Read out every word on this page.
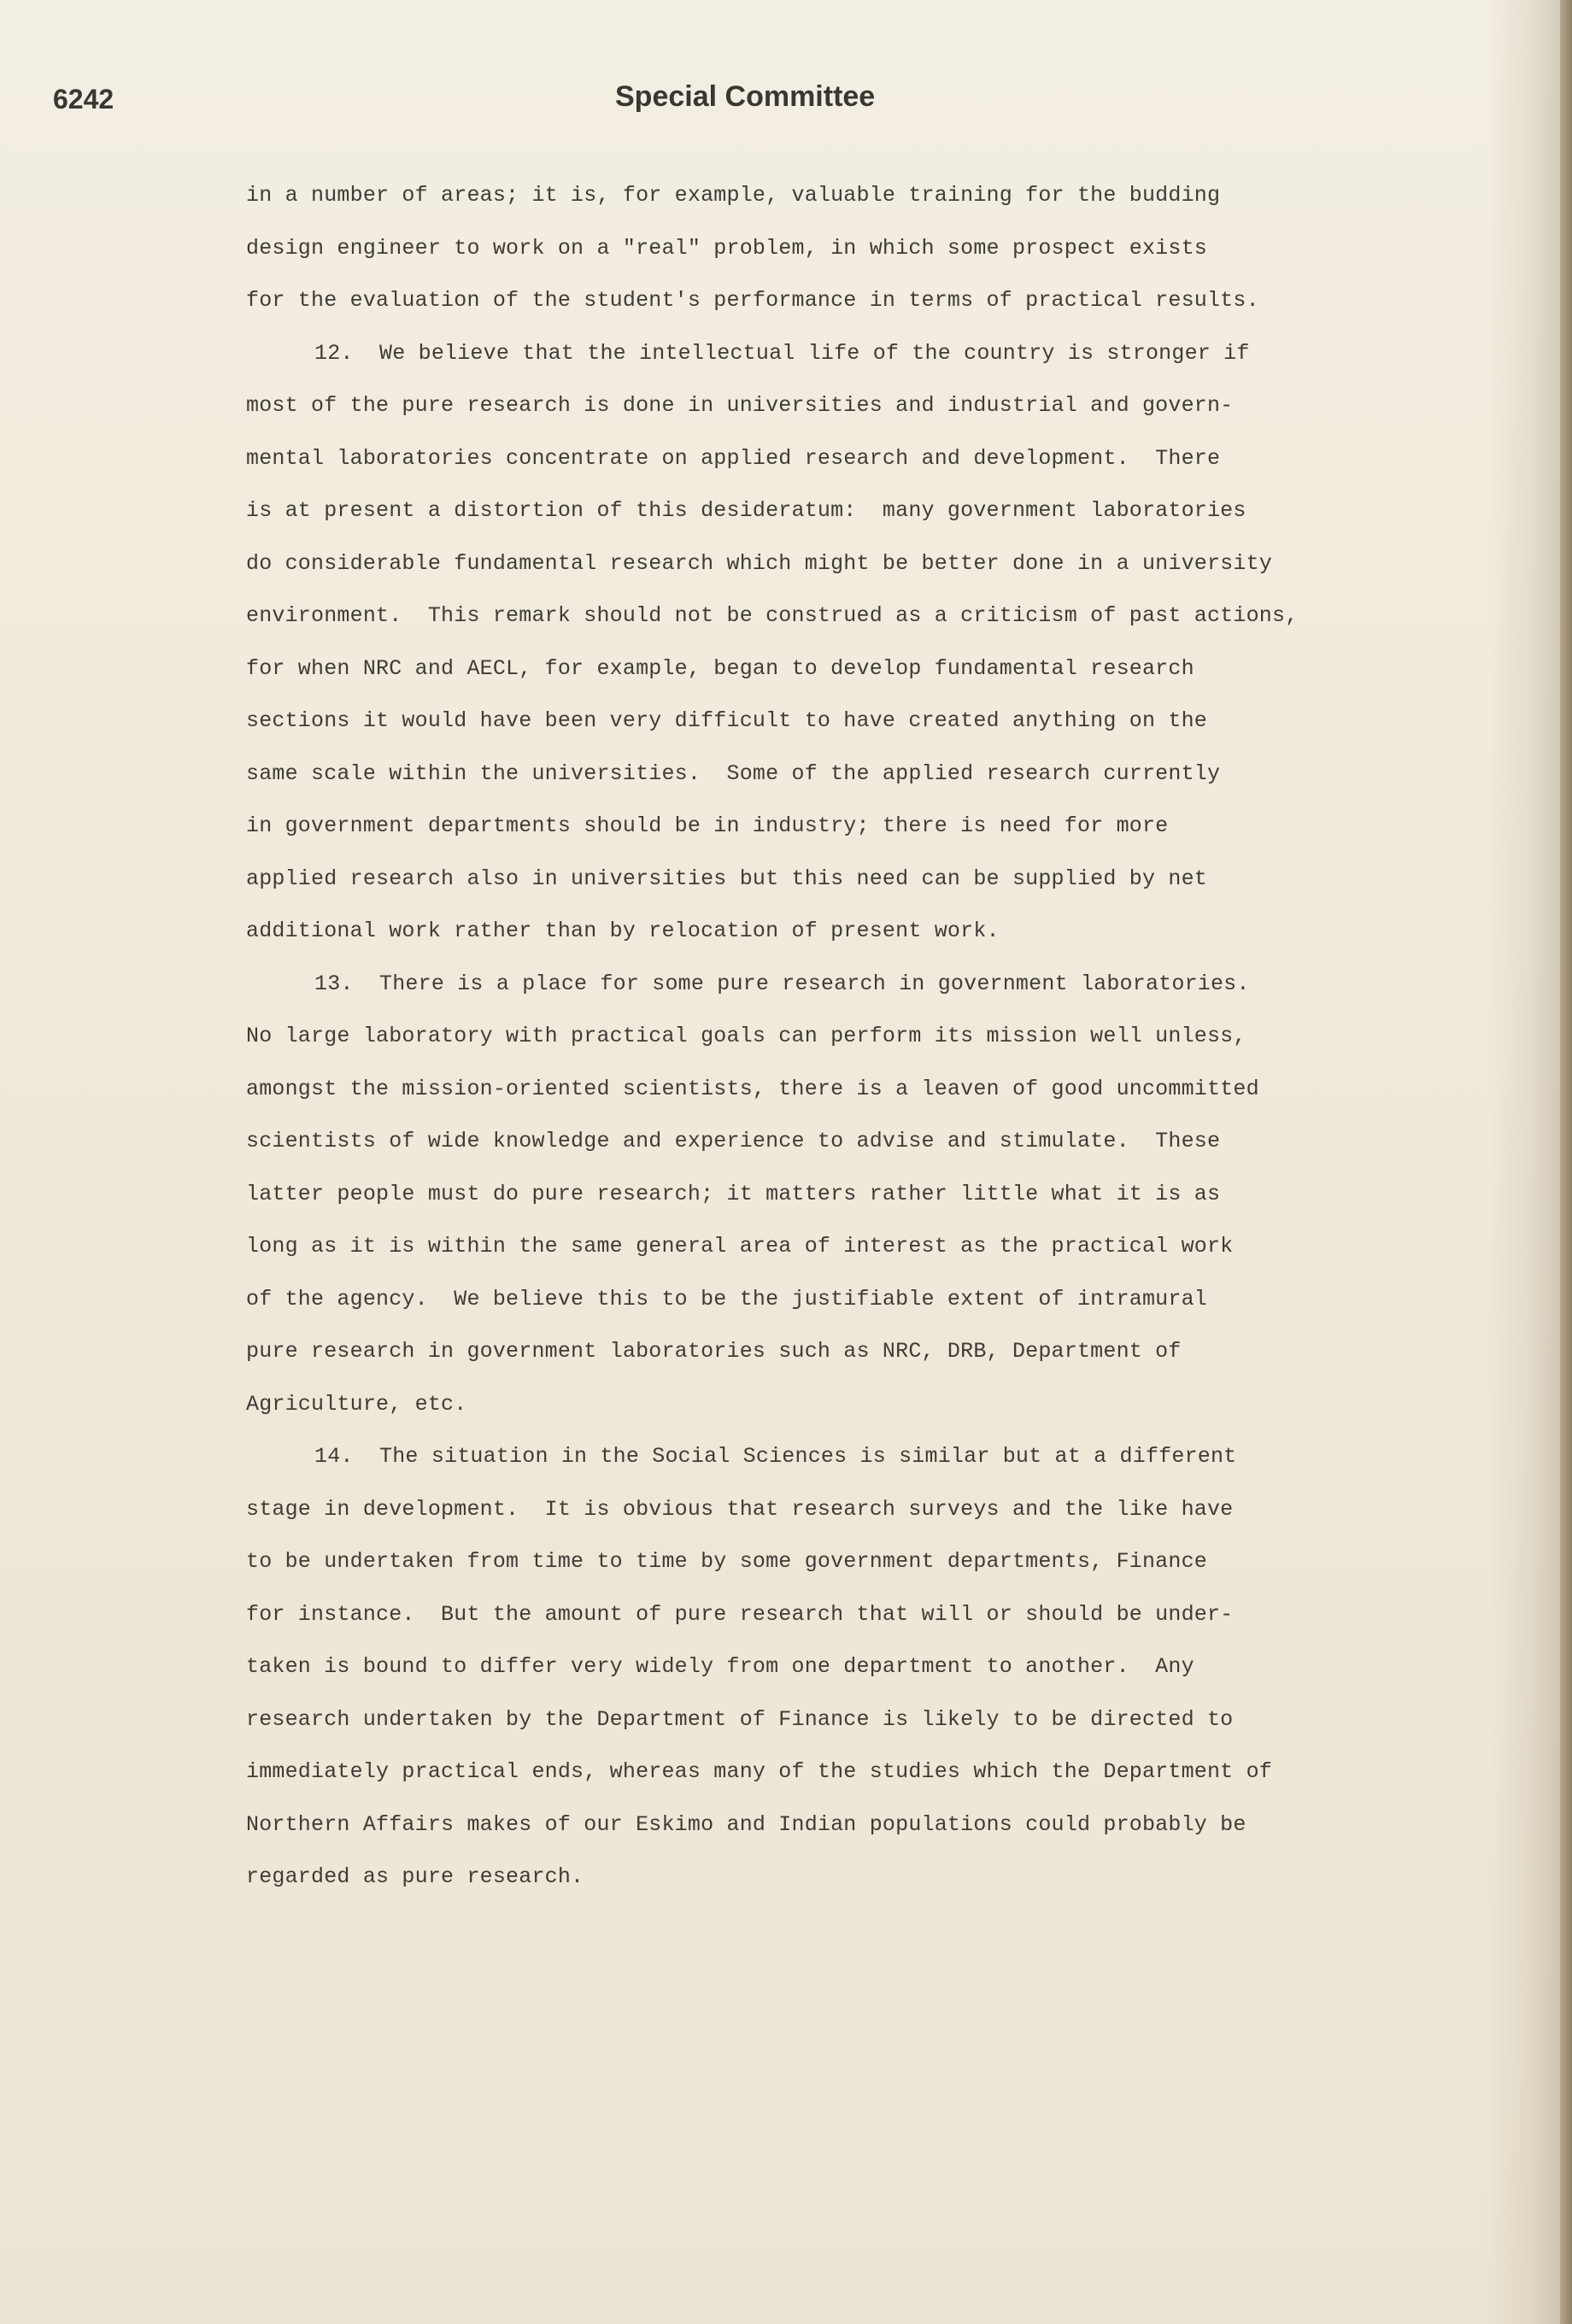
6242	Special Committee
in a number of areas; it is, for example, valuable training for the budding
design engineer to work on a "real" problem, in which some prospect exists
for the evaluation of the student's performance in terms of practical results.
12.  We believe that the intellectual life of the country is stronger if
most of the pure research is done in universities and industrial and govern-
mental laboratories concentrate on applied research and development.  There
is at present a distortion of this desideratum:  many government laboratories
do considerable fundamental research which might be better done in a university
environment.  This remark should not be construed as a criticism of past actions,
for when NRC and AECL, for example, began to develop fundamental research
sections it would have been very difficult to have created anything on the
same scale within the universities.  Some of the applied research currently
in government departments should be in industry; there is need for more
applied research also in universities but this need can be supplied by net
additional work rather than by relocation of present work.
13.  There is a place for some pure research in government laboratories.
No large laboratory with practical goals can perform its mission well unless,
amongst the mission-oriented scientists, there is a leaven of good uncommitted
scientists of wide knowledge and experience to advise and stimulate.  These
latter people must do pure research; it matters rather little what it is as
long as it is within the same general area of interest as the practical work
of the agency.  We believe this to be the justifiable extent of intramural
pure research in government laboratories such as NRC, DRB, Department of
Agriculture, etc.
14.  The situation in the Social Sciences is similar but at a different
stage in development.  It is obvious that research surveys and the like have
to be undertaken from time to time by some government departments, Finance
for instance.  But the amount of pure research that will or should be under-
taken is bound to differ very widely from one department to another.  Any
research undertaken by the Department of Finance is likely to be directed to
immediately practical ends, whereas many of the studies which the Department of
Northern Affairs makes of our Eskimo and Indian populations could probably be
regarded as pure research.
